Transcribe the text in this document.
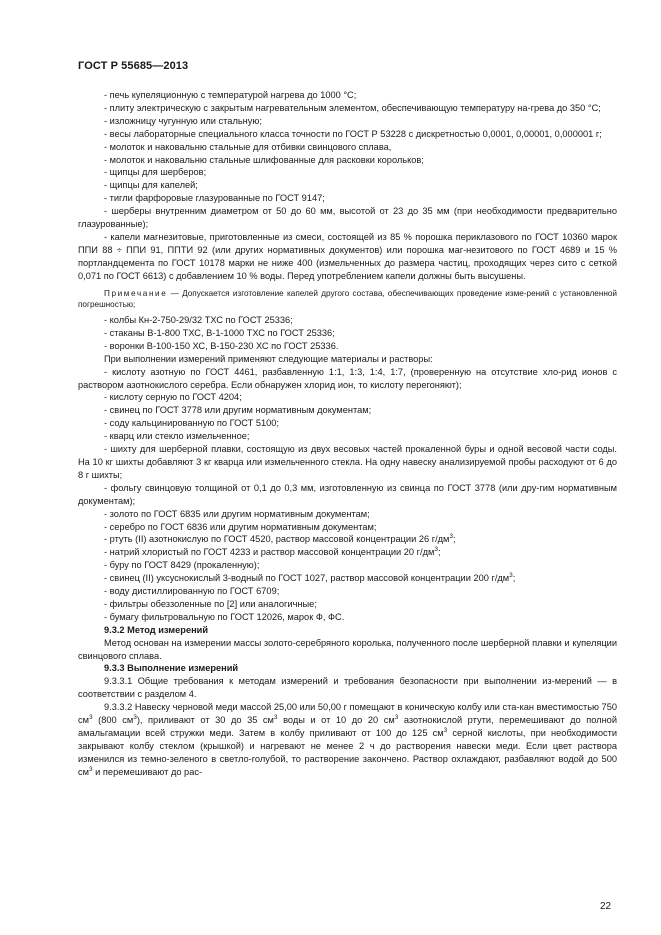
ГОСТ Р 55685—2013

- печь купеляционную с температурой нагрева до 1000 °С;

- плиту электрическую с закрытым нагревательным элементом, обеспечивающую температуру на-грева до 350 °С;

- изложницу чугунную или стальную;

- весы лабораторные специального класса точности по ГОСТ Р 53228 с дискретностью 0,0001, 0,00001, 0,000001 г;

- молоток и наковальню стальные для отбивки свинцового сплава,

- молоток и наковальню стальные шлифованные для расковки корольков;

- щипцы для шерберов;

- щипцы для капелей;

- тигли фарфоровые глазурованные по ГОСТ 9147;

- шерберы внутренним диаметром от 50 до 60 мм, высотой от 23 до 35 мм (при необходимости предварительно глазурованные);

- капели магнезитовые, приготовленные из смеси, состоящей из 85 % порошка периклазового по ГОСТ 10360 марок ППИ 88 ÷ ППИ 91, ППТИ 92 (или других нормативных документов) или порошка маг-незитового по ГОСТ 4689 и 15 % портландцемента по ГОСТ 10178 марки не ниже 400 (измельченных до размера частиц, проходящих через сито с сеткой 0,071 по ГОСТ 6613) с добавлением 10 % воды. Перед употреблением капели должны быть высушены.

Примечание — Допускается изготовление капелей другого состава, обеспечивающих проведение изме-рений с установленной погрешностью;

- колбы Кн-2-750-29/32 ТХС по ГОСТ 25336;

- стаканы В-1-800 ТХС, В-1-1000 ТХС по ГОСТ 25336;

- воронки В-100-150 ХС, В-150-230 ХС по ГОСТ 25336.

При выполнении измерений применяют следующие материалы и растворы:

- кислоту азотную по ГОСТ 4461, разбавленную 1:1, 1:3, 1:4, 1:7, (проверенную на отсутствие хло-рид ионов с раствором азотнокислого серебра. Если обнаружен хлорид ион, то кислоту перегоняют);

- кислоту серную по ГОСТ 4204;

- свинец по ГОСТ 3778 или другим нормативным документам;

- соду кальцинированную по ГОСТ 5100;

- кварц или стекло измельченное;

- шихту для шерберной плавки, состоящую из двух весовых частей прокаленной буры и одной весовой части соды. На 10 кг шихты добавляют 3 кг кварца или измельченного стекла. На одну навеску анализируемой пробы расходуют от 6 до 8 г шихты;

- фольгу свинцовую толщиной от 0,1 до 0,3 мм, изготовленную из свинца по ГОСТ 3778 (или дру-гим нормативным документам);

- золото по ГОСТ 6835 или другим нормативным документам;

- серебро по ГОСТ 6836 или другим нормативным документам;

- ртуть (II) азотнокислую по ГОСТ 4520, раствор массовой концентрации 26 $г/дм^3$;

- натрий хлористый по ГОСТ 4233 и раствор массовой концентрации 20 $г/дм^3$;

- буру по ГОСТ 8429 (прокаленную);

- свинец (II) уксуснокислый 3-водный по ГОСТ 1027, раствор массовой концентрации 200 $г/дм^3$;

- воду дистиллированную по ГОСТ 6709;

- фильтры обеззоленные по [2] или аналогичные;

- бумагу фильтровальную по ГОСТ 12026, марок Ф, ФС.

9.3.2 Метод измерений

Метод основан на измерении массы золото-серебряного королька, полученного после шерберной плавки и купеляции свинцового сплава.

9.3.3 Выполнение измерений

9.3.3.1 Общие требования к методам измерений и требования безопасности при выполнении из-мерений — в соответствии с разделом 4.

9.3.3.2 Навеску черновой меди массой 25,00 или 50,00 г помещают в коническую колбу или ста-кан вместимостью 750 $см^3$ (800 $см^3$), приливают от 30 до 35 $см^3$ воды и от 10 до 20 $см^3$ азотнокислой ртути, перемешивают до полной амальгамации всей стружки меди. Затем в колбу приливают от 100 до 125 $см^3$ серной кислоты, при необходимости закрывают колбу стеклом (крышкой) и нагревают не менее 2 ч до растворения навески меди. Если цвет раствора изменился из темно-зеленого в светло-голубой, то растворение закончено. Раствор охлаждают, разбавляют водой до 500 $см^3$ и перемешивают до рас-

22
